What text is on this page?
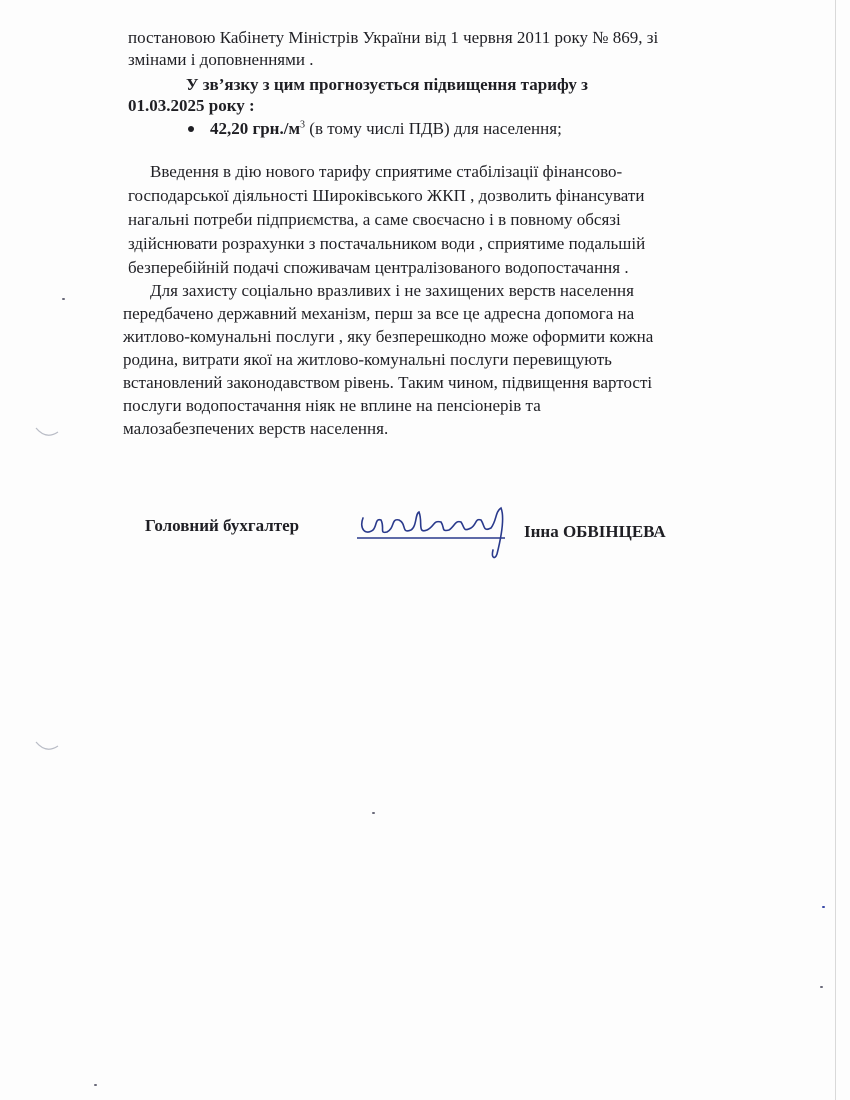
постановою Кабінету Міністрів України від 1 червня 2011 року № 869, зі
змінами і доповненнями .
У зв’язку з цим прогнозується підвищення тарифу з
01.03.2025 року :
42,20 $грн./м^3$ (в тому числі ПДВ) для населення;
Введення в дію нового тарифу сприятиме стабілізації фінансово-
господарської діяльності Широківського ЖКП , дозволить фінансувати
нагальні потреби підприємства, а саме своєчасно і в повному обсязі
здійснювати розрахунки з постачальником води , сприятиме подальшій
безперебійній подачі споживачам централізованого водопостачання .
Для захисту соціально вразливих і не захищених верств населення
передбачено державний механізм, перш за все це адресна допомога на
житлово-комунальні послуги , яку безперешкодно може оформити кожна
родина, витрати якої на житлово-комунальні послуги перевищують
встановлений законодавством рівень. Таким чином, підвищення вартості
послуги водопостачання ніяк не вплине на пенсіонерів та
малозабезпечених верств населення.
Головний бухгалтер	Інна ОБВІНЦЕВА
